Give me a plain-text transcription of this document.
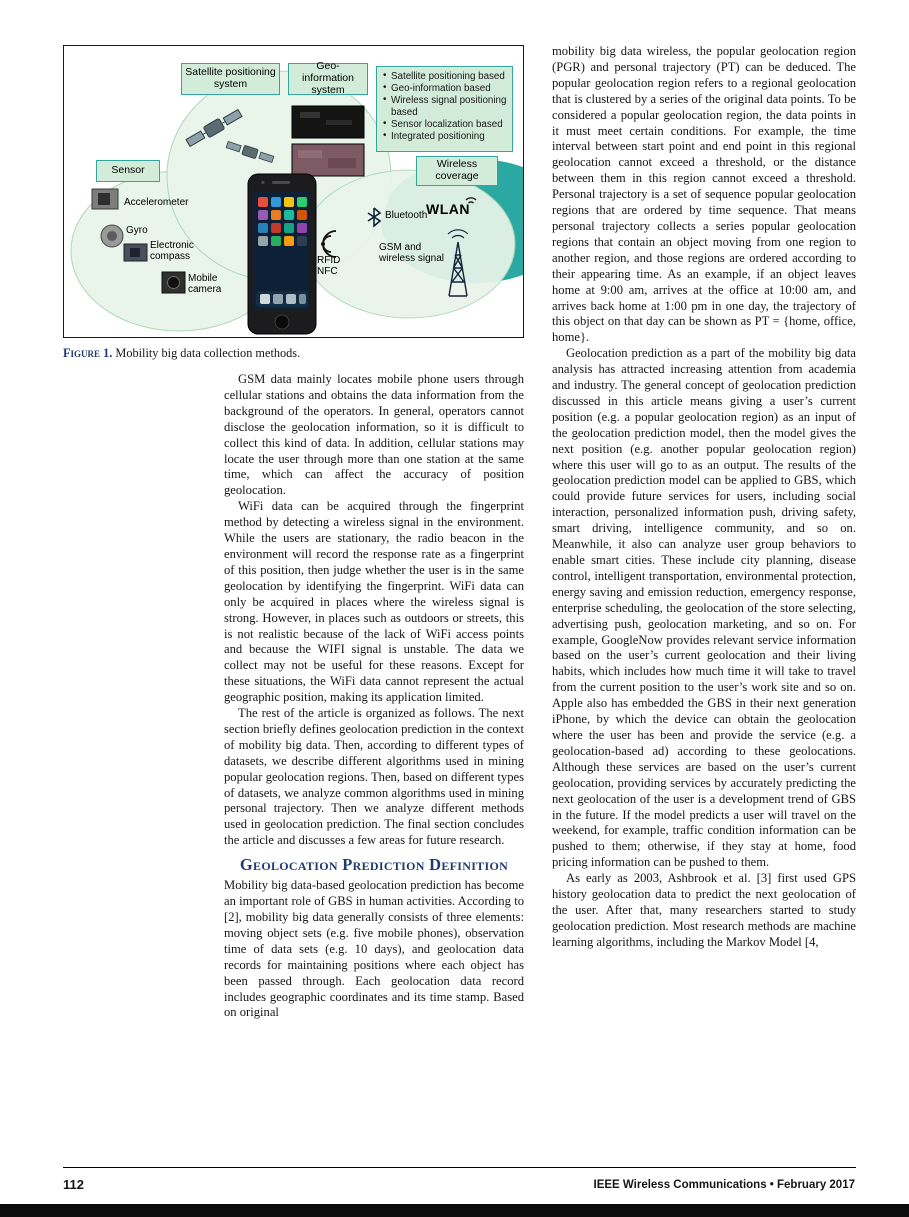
Satellite positioning system
Geo-information system
Sensor	Wireless coverage
• Satellite positioning based
• Geo-information based
• Wireless signal positioning based
• Sensor localization based
• Integrated positioning
Accelerometer
Gyro
Electronic compass
Mobile camera
Bluetooth
WLAN
GSM and wireless signal
RFID NFC
Figure 1. Mobility big data collection methods.

GSM data mainly locates mobile phone users through cellular stations and obtains the data information from the background of the operators. In general, operators cannot disclose the geolocation information, so it is difficult to collect this kind of data. In addition, cellular stations may locate the user through more than one station at the same time, which can affect the accuracy of position geolocation.

WiFi data can be acquired through the fingerprint method by detecting a wireless signal in the environment. While the users are stationary, the radio beacon in the environment will record the response rate as a fingerprint of this position, then judge whether the user is in the same geolocation by identifying the fingerprint. WiFi data can only be acquired in places where the wireless signal is strong. However, in places such as outdoors or streets, this is not realistic because of the lack of WiFi access points and because the WIFI signal is unstable. The data we collect may not be useful for these reasons. Except for these situations, the WiFi data cannot represent the actual geographic position, making its application limited.

The rest of the article is organized as follows. The next section briefly defines geolocation prediction in the context of mobility big data. Then, according to different types of datasets, we describe different algorithms used in mining popular geolocation regions. Then, based on different types of datasets, we analyze common algorithms used in mining personal trajectory. Then we analyze different methods used in geolocation prediction. The final section concludes the article and discusses a few areas for future research.

Geolocation Prediction Definition

Mobility big data-based geolocation prediction has become an important role of GBS in human activities. According to [2], mobility big data generally consists of three elements: moving object sets (e.g. five mobile phones), observation time of data sets (e.g. 10 days), and geolocation data records for maintaining positions where each object has been passed through. Each geolocation data record includes geographic coordinates and its time stamp. Based on original

mobility big data wireless, the popular geolocation region (PGR) and personal trajectory (PT) can be deduced. The popular geolocation region refers to a regional geolocation that is clustered by a series of the original data points. To be considered a popular geolocation region, the data points in it must meet certain conditions. For example, the time interval between start point and end point in this regional geolocation cannot exceed a threshold, or the distance between them in this region cannot exceed a threshold. Personal trajectory is a set of sequence popular geolocation regions that are ordered by time sequence. That means personal trajectory collects a series popular geolocation regions that contain an object moving from one region to another region, and those regions are ordered according to their appearing time. As an example, if an object leaves home at 9:00 am, arrives at the office at 10:00 am, and arrives back home at 1:00 pm in one day, the trajectory of this object on that day can be shown as PT = {home, office, home}.

Geolocation prediction as a part of the mobility big data analysis has attracted increasing attention from academia and industry. The general concept of geolocation prediction discussed in this article means giving a user’s current position (e.g. a popular geolocation region) as an input of the geolocation prediction model, then the model gives the next position (e.g. another popular geolocation region) where this user will go to as an output. The results of the geolocation prediction model can be applied to GBS, which could provide future services for users, including social interaction, personalized information push, driving safety, smart driving, intelligence community, and so on. Meanwhile, it also can analyze user group behaviors to enable smart cities. These include city planning, disease control, intelligent transportation, environmental protection, energy saving and emission reduction, emergency response, enterprise scheduling, the geolocation of the store selecting, advertising push, geolocation marketing, and so on. For example, GoogleNow provides relevant service information based on the user’s current geolocation and their living habits, which includes how much time it will take to travel from the current position to the user’s work site and so on. Apple also has embedded the GBS in their next generation iPhone, by which the device can obtain the geolocation where the user has been and provide the service (e.g. a geolocation-based ad) according to these geolocations. Although these services are based on the user’s current geolocation, providing services by accurately predicting the next geolocation of the user is a development trend of GBS in the future. If the model predicts a user will travel on the weekend, for example, traffic condition information can be pushed to them; otherwise, if they stay at home, food pricing information can be pushed to them.

As early as 2003, Ashbrook et al. [3] first used GPS history geolocation data to predict the next geolocation of the user. After that, many researchers started to study geolocation prediction. Most research methods are machine learning algorithms, including the Markov Model [4,

112	IEEE Wireless Communications • February 2017
